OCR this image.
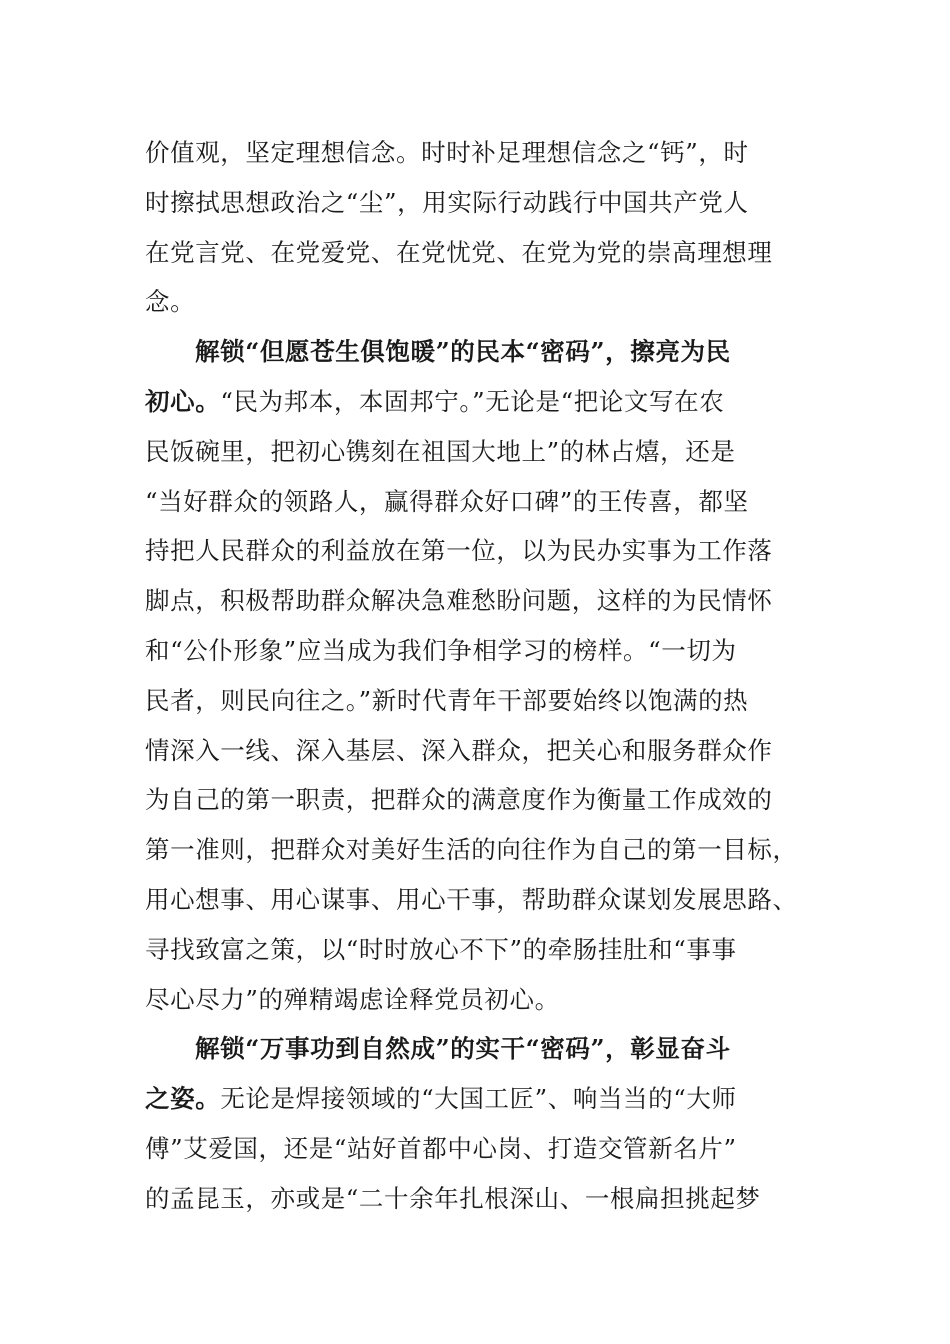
价值观，坚定理想信念。时时补足理想信念之“钙”，时
时擦拭思想政治之“尘”，用实际行动践行中国共产党人
在党言党、在党爱党、在党忧党、在党为党的崇高理想理
念。
解锁“但愿苍生俱饱暖”的民本“密码”，擦亮为民
初心。“民为邦本，本固邦宁。”无论是“把论文写在农
民饭碗里，把初心镌刻在祖国大地上”的林占熺，还是
“当好群众的领路人，赢得群众好口碑”的王传喜，都坚
持把人民群众的利益放在第一位，以为民办实事为工作落
脚点，积极帮助群众解决急难愁盼问题，这样的为民情怀
和“公仆形象”应当成为我们争相学习的榜样。“一切为
民者，则民向往之。”新时代青年干部要始终以饱满的热
情深入一线、深入基层、深入群众，把关心和服务群众作
为自己的第一职责，把群众的满意度作为衡量工作成效的
第一准则，把群众对美好生活的向往作为自己的第一目标，
用心想事、用心谋事、用心干事，帮助群众谋划发展思路、
寻找致富之策，以“时时放心不下”的牵肠挂肚和“事事
尽心尽力”的殚精竭虑诠释党员初心。
解锁“万事功到自然成”的实干“密码”，彰显奋斗
之姿。无论是焊接领域的“大国工匠”、响当当的“大师
傅”艾爱国，还是“站好首都中心岗、打造交管新名片”
的孟昆玉，亦或是“二十余年扎根深山、一根扁担挑起梦
